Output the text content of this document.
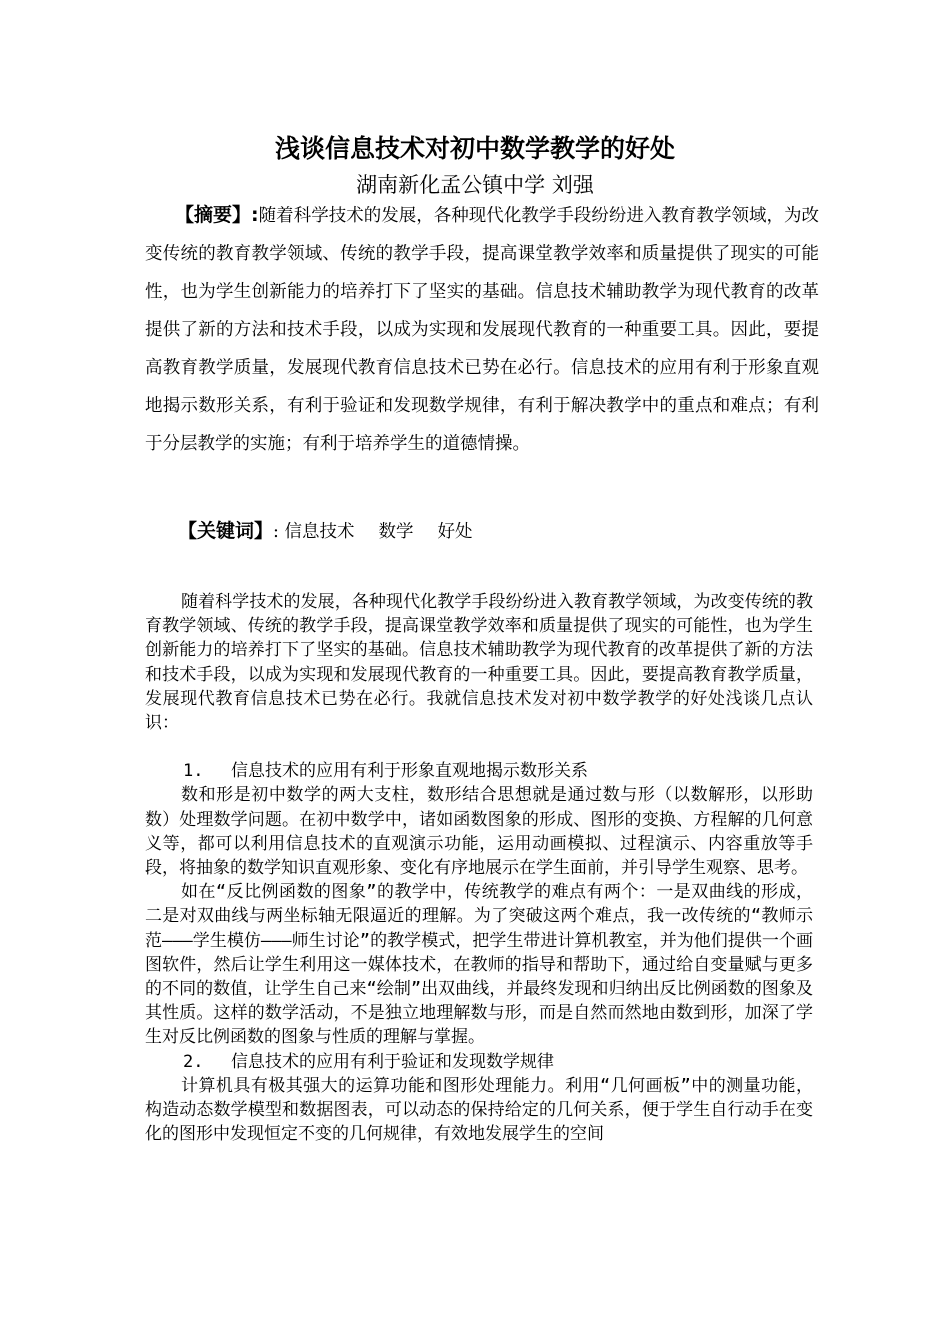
浅谈信息技术对初中数学教学的好处
湖南新化孟公镇中学 刘强

【摘要】:随着科学技术的发展，各种现代化教学手段纷纷进入教育教学领域，为改变传统的教育教学领域、传统的教学手段，提高课堂教学效率和质量提供了现实的可能性，也为学生创新能力的培养打下了坚实的基础。信息技术辅助教学为现代教育的改革提供了新的方法和技术手段，以成为实现和发展现代教育的一种重要工具。因此，要提高教育教学质量，发展现代教育信息技术已势在必行。信息技术的应用有利于形象直观地揭示数形关系，有利于验证和发现数学规律，有利于解决教学中的重点和难点；有利于分层教学的实施；有利于培养学生的道德情操。

【关键词】: 信息技术 数学 好处

随着科学技术的发展，各种现代化教学手段纷纷进入教育教学领域，为改变传统的教育教学领域、传统的教学手段，提高课堂教学效率和质量提供了现实的可能性，也为学生创新能力的培养打下了坚实的基础。信息技术辅助教学为现代教育的改革提供了新的方法和技术手段，以成为实现和发展现代教育的一种重要工具。因此，要提高教育教学质量，发展现代教育信息技术已势在必行。我就信息技术发对初中数学教学的好处浅谈几点认识：

1. 信息技术的应用有利于形象直观地揭示数形关系

数和形是初中数学的两大支柱，数形结合思想就是通过数与形（以数解形，以形助数）处理数学问题。在初中数学中，诸如函数图象的形成、图形的变换、方程解的几何意义等，都可以利用信息技术的直观演示功能，运用动画模拟、过程演示、内容重放等手段，将抽象的数学知识直观形象、变化有序地展示在学生面前，并引导学生观察、思考。

如在“反比例函数的图象”的教学中，传统教学的难点有两个：一是双曲线的形成，二是对双曲线与两坐标轴无限逼近的理解。为了突破这两个难点，我一改传统的“教师示范———学生模仿———师生讨论”的教学模式，把学生带进计算机教室，并为他们提供一个画图软件，然后让学生利用这一媒体技术，在教师的指导和帮助下，通过给自变量赋与更多的不同的数值，让学生自己来“绘制”出双曲线，并最终发现和归纳出反比例函数的图象及其性质。这样的数学活动，不是独立地理解数与形，而是自然而然地由数到形，加深了学生对反比例函数的图象与性质的理解与掌握。

2. 信息技术的应用有利于验证和发现数学规律

计算机具有极其强大的运算功能和图形处理能力。利用“几何画板”中的测量功能，构造动态数学模型和数据图表，可以动态的保持给定的几何关系，便于学生自行动手在变化的图形中发现恒定不变的几何规律，有效地发展学生的空间
